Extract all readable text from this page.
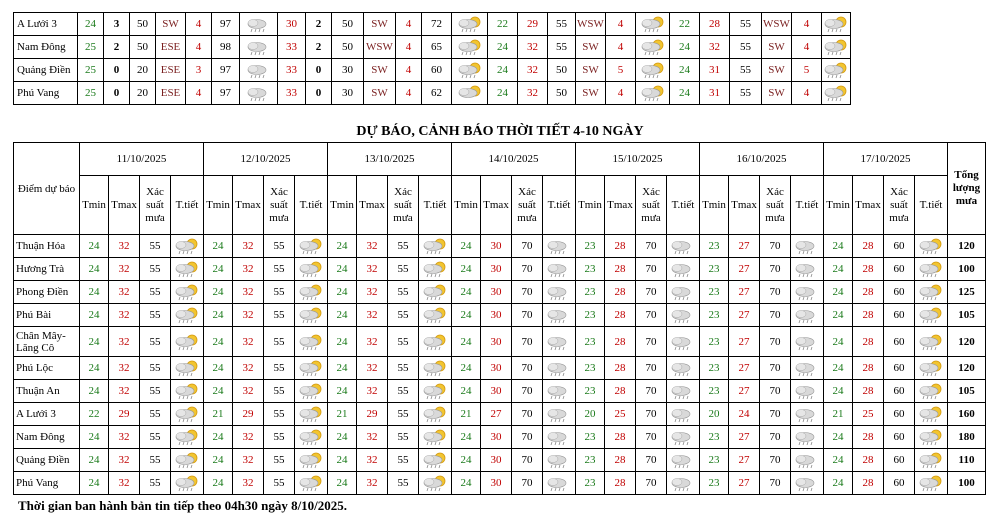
A Lưới 3	24	3	50	SW	4	97		30	2	50	SW	4	72		22	29	55	WSW	4		22	28	55	WSW	4	

Nam Đông	25	2	50	ESE	4	98		33	2	50	WSW	4	65		24	32	55	SW	4		24	32	55	SW	4	

Quảng Điền	25	0	20	ESE	3	97		33	0	30	SW	4	60		24	32	50	SW	5		24	31	55	SW	5	

Phú Vang	25	0	20	ESE	4	97		33	0	30	SW	4	62		24	32	50	SW	4		24	31	55	SW	4	
DỰ BÁO, CẢNH BÁO THỜI TIẾT 4-10 NGÀY
Điểm dự báo	11/10/2025				12/10/2025				13/10/2025				14/10/2025				15/10/2025				16/10/2025				17/10/2025				Tổng lượng mưa
	Tmin	Tmax	Xác suất mưa	T.tiết	Tmin	Tmax	Xác suất mưa	T.tiết	Tmin	Tmax	Xác suất mưa	T.tiết	Tmin	Tmax	Xác suất mưa	T.tiết	Tmin	Tmax	Xác suất mưa	T.tiết	Tmin	Tmax	Xác suất mưa	T.tiết	Tmin	Tmax	Xác suất mưa	T.tiết	
Thuận Hóa	24	32	55		24	32	55		24	32	55		24	30	70		23	28	70		23	27	70		24	28	60		120
Hương Trà	24	32	55		24	32	55		24	32	55		24	30	70		23	28	70		23	27	70		24	28	60		100
Phong Điền	24	32	55		24	32	55		24	32	55		24	30	70		23	28	70		23	27	70		24	28	60		125
Phú Bài	24	32	55		24	32	55		24	32	55		24	30	70		23	28	70		23	27	70		24	28	60		105
Chân Mây-Lăng Cô	24	32	55		24	32	55		24	32	55		24	30	70		23	28	70		23	27	70		24	28	60		120
Phú Lộc	24	32	55		24	32	55		24	32	55		24	30	70		23	28	70		23	27	70		24	28	60		120
Thuận An	24	32	55		24	32	55		24	32	55		24	30	70		23	28	70		23	27	70		24	28	60		105
A Lưới 3	22	29	55		21	29	55		21	29	55		21	27	70		20	25	70		20	24	70		21	25	60		160
Nam Đông	24	32	55		24	32	55		24	32	55		24	30	70		23	28	70		23	27	70		24	28	60		180
Quảng Điền	24	32	55		24	32	55		24	32	55		24	30	70		23	28	70		23	27	70		24	28	60		110
Phú Vang	24	32	55		24	32	55		24	32	55		24	30	70		23	28	70		23	27	70		24	28	60		100
Thời gian ban hành bản tin tiếp theo 04h30 ngày 8/10/2025.
